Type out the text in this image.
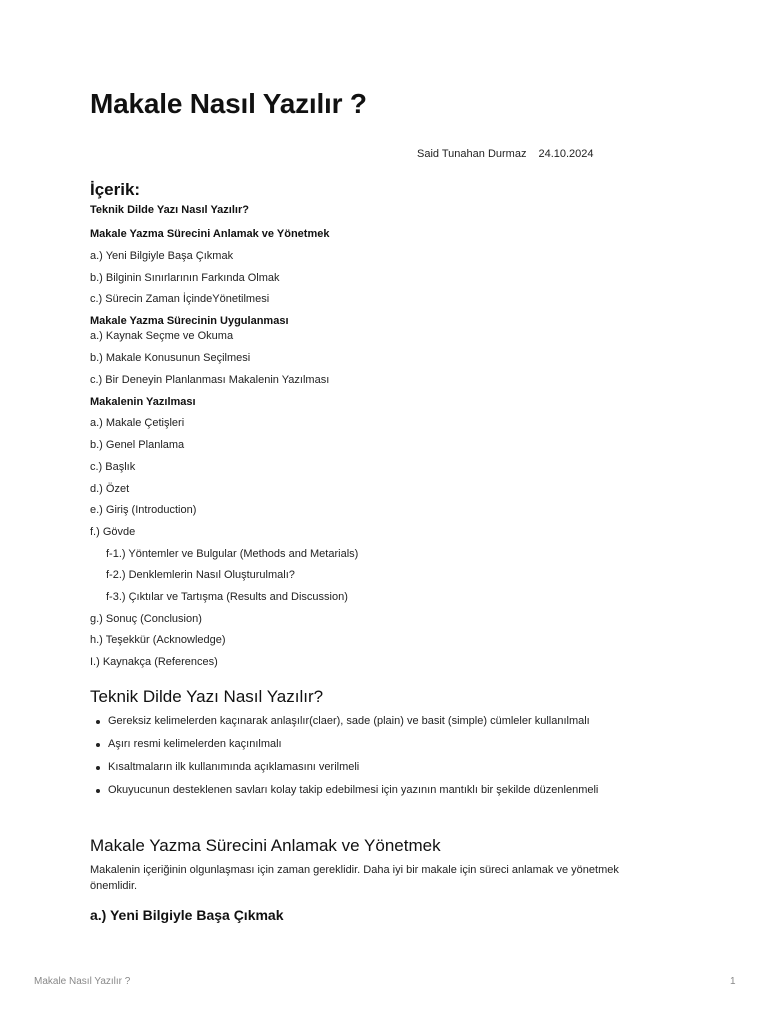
Makale Nasıl Yazılır ?
Said Tunahan Durmaz 24.10.2024
İçerik:
Teknik Dilde Yazı Nasıl Yazılır?
Makale Yazma Sürecini Anlamak ve Yönetmek
a.) Yeni Bilgiyle Başa Çıkmak
b.) Bilginin Sınırlarının Farkında Olmak
c.) Sürecin Zaman İçindeYönetilmesi
Makale Yazma Sürecinin Uygulanması
a.) Kaynak Seçme ve Okuma
b.) Makale Konusunun Seçilmesi
c.) Bir Deneyin Planlanması Makalenin Yazılması
Makalenin Yazılması
a.) Makale Çetişleri
b.) Genel Planlama
c.) Başlık
d.) Özet
e.) Giriş (Introduction)
f.) Gövde
f-1.) Yöntemler ve Bulgular (Methods and Metarials)
f-2.) Denklemlerin Nasıl Oluşturulmalı?
f-3.) Çıktılar ve Tartışma (Results and Discussion)
g.) Sonuç (Conclusion)
h.) Teşekkür (Acknowledge)
I.) Kaynakça (References)
Teknik Dilde Yazı Nasıl Yazılır?
Gereksiz kelimelerden kaçınarak anlaşılır(claer), sade (plain) ve basit (simple) cümleler kullanılmalı
Aşırı resmi kelimelerden kaçınılmalı
Kısaltmaların ilk kullanımında açıklamasını verilmeli
Okuyucunun desteklenen savları kolay takip edebilmesi için yazının mantıklı bir şekilde düzenlenmeli
Makale Yazma Sürecini Anlamak ve Yönetmek
Makalenin içeriğinin olgunlaşması için zaman gereklidir. Daha iyi bir makale için süreci anlamak ve yönetmek önemlidir.
a.) Yeni Bilgiyle Başa Çıkmak
Makale Nasıl Yazılır ?	1
